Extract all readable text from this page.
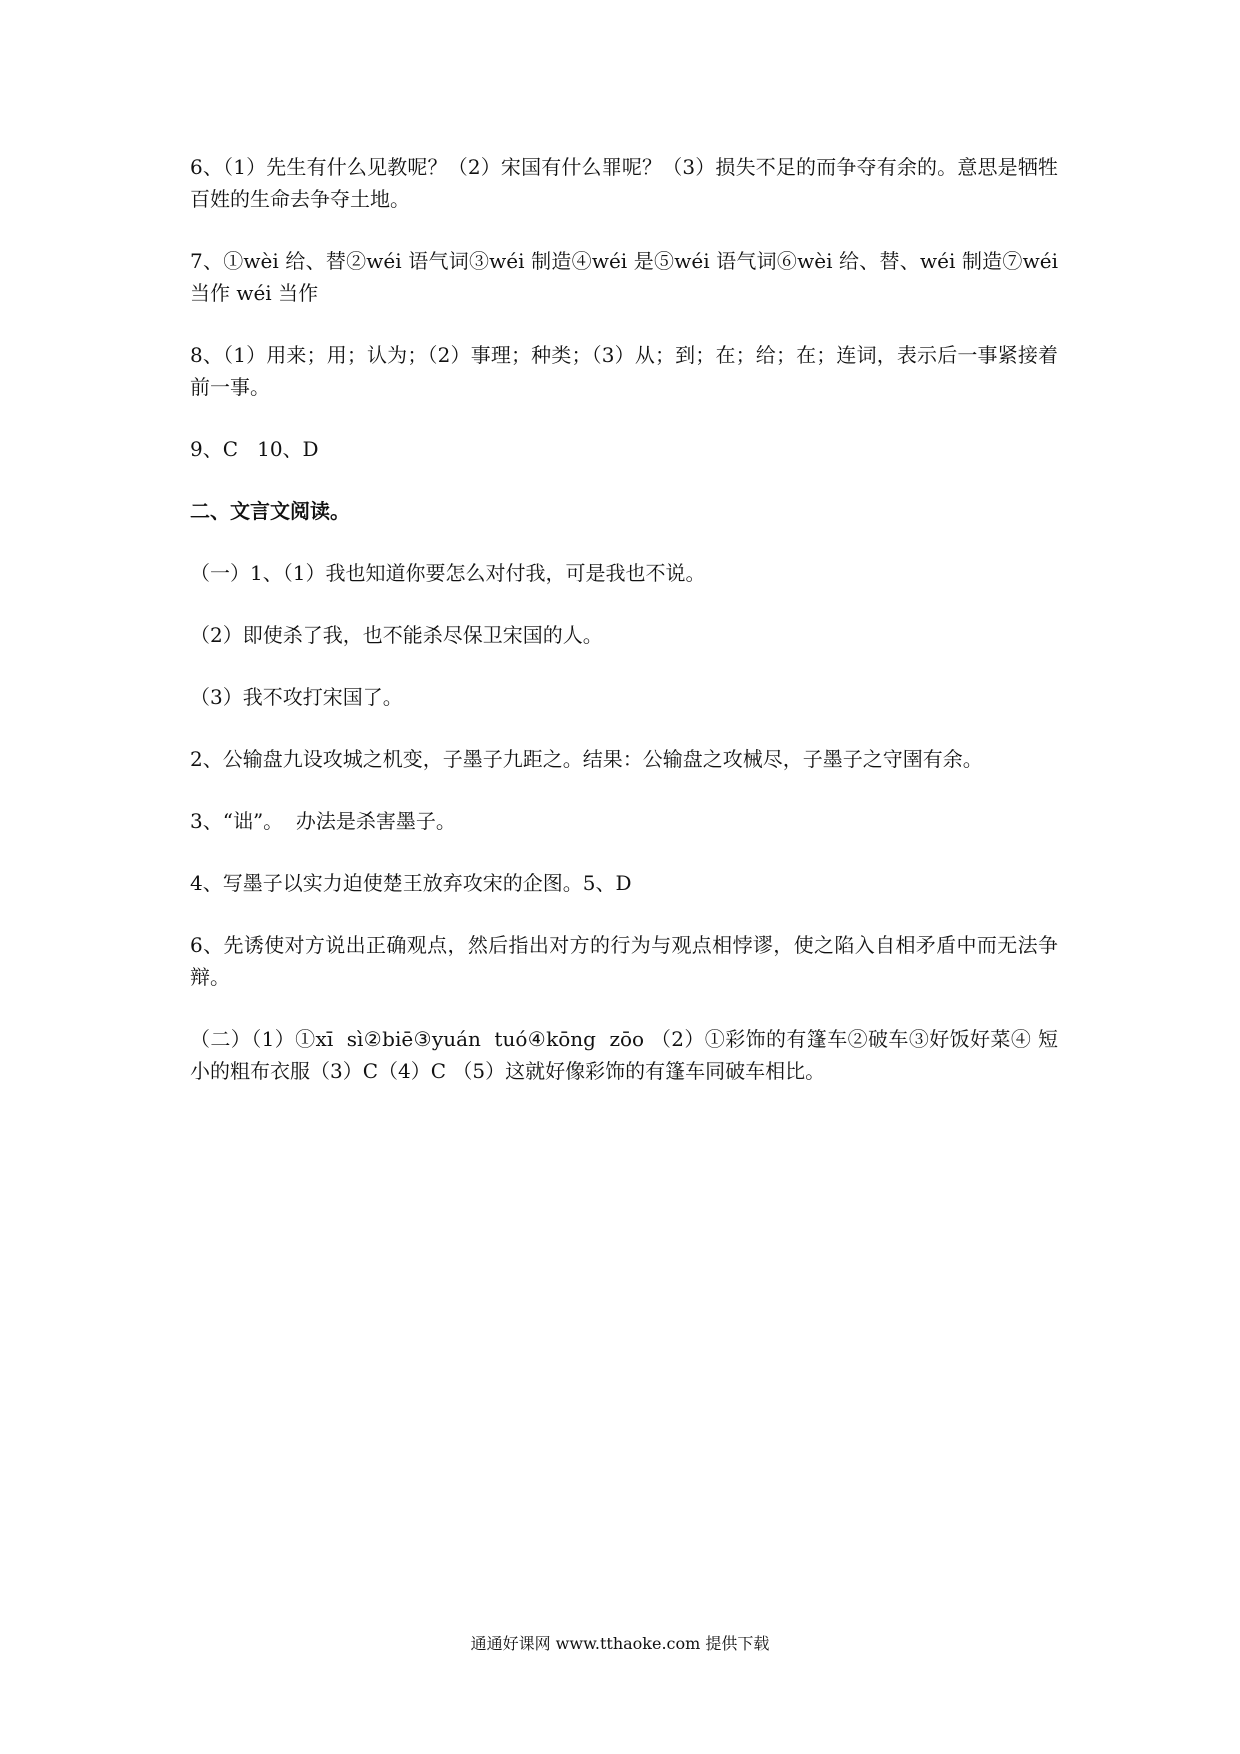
6、（1）先生有什么见教呢？（2）宋国有什么罪呢？（3）损失不足的而争夺有余的。意思是牺牲百姓的生命去争夺土地。

7、①wèi 给、替②wéi 语气词③wéi 制造④wéi 是⑤wéi 语气词⑥wèi 给、替、wéi 制造⑦wéi 当作 wéi 当作

8、（1）用来；用；认为；（2）事理；种类；（3）从；到；在；给；在；连词，表示后一事紧接着前一事。

9、C   10、D

二、文言文阅读。

（一）1、（1）我也知道你要怎么对付我，可是我也不说。

（2）即使杀了我，也不能杀尽保卫宋国的人。

（3）我不攻打宋国了。

2、公输盘九设攻城之机变，子墨子九距之。结果：公输盘之攻械尽，子墨子之守圉有余。

3、“诎”。  办法是杀害墨子。

4、写墨子以实力迫使楚王放弃攻宋的企图。5、D

6、先诱使对方说出正确观点，然后指出对方的行为与观点相悖谬，使之陷入自相矛盾中而无法争辩。

（二）（1）①xī  sì②biē③yuán  tuó④kōng  zōo （2）①彩饰的有篷车②破车③好饭好菜④ 短小的粗布衣服（3）C（4）C （5）这就好像彩饰的有篷车同破车相比。

通通好课网 www.tthaoke.com 提供下载
